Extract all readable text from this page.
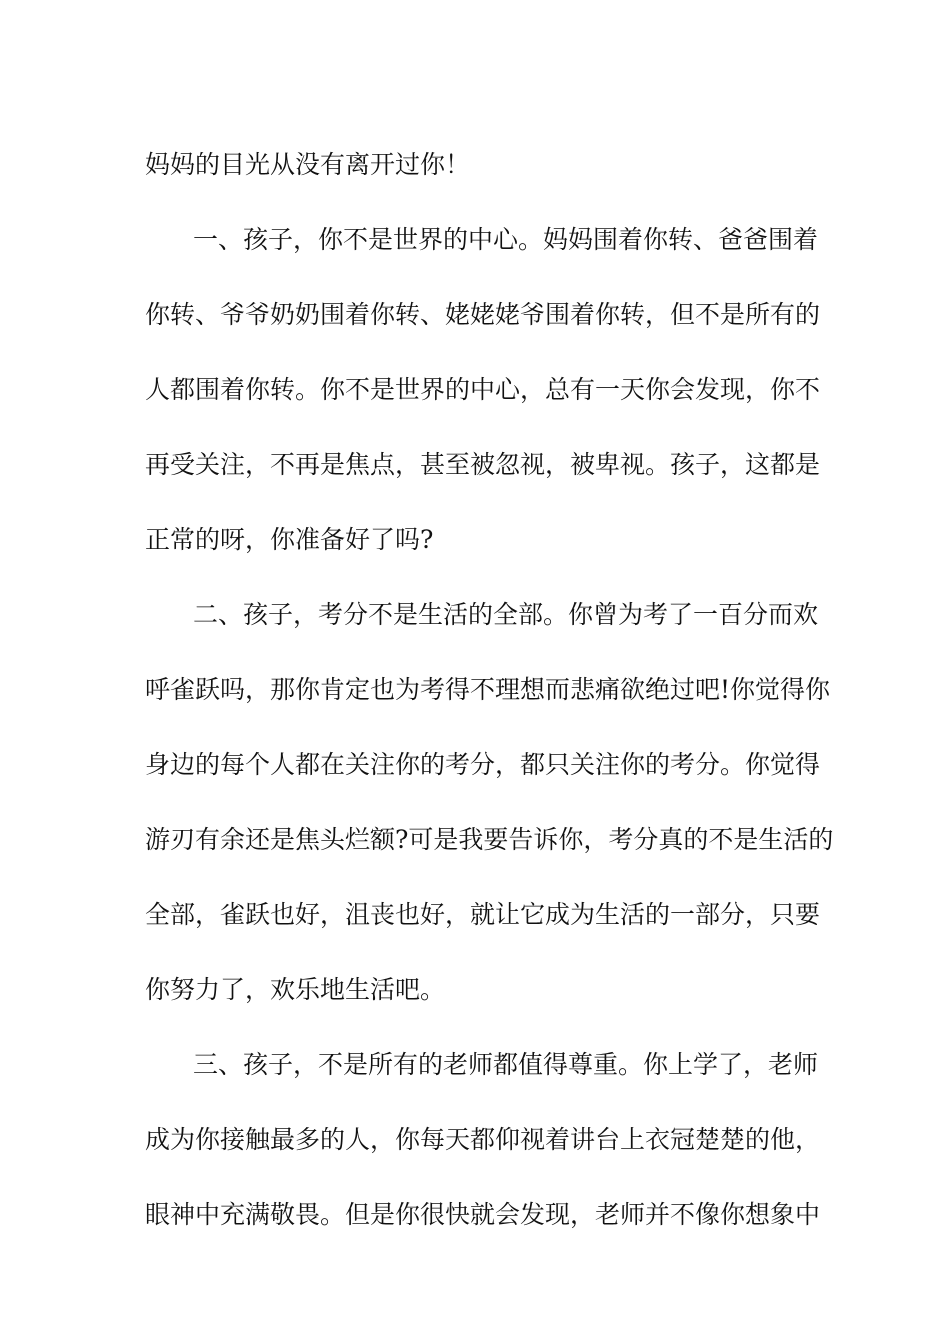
妈妈的目光从没有离开过你！
一、孩子，你不是世界的中心。妈妈围着你转、爸爸围着
你转、爷爷奶奶围着你转、姥姥姥爷围着你转，但不是所有的
人都围着你转。你不是世界的中心，总有一天你会发现，你不
再受关注，不再是焦点，甚至被忽视，被卑视。孩子，这都是
正常的呀，你准备好了吗?
二、孩子，考分不是生活的全部。你曾为考了一百分而欢
呼雀跃吗，那你肯定也为考得不理想而悲痛欲绝过吧!你觉得你
身边的每个人都在关注你的考分，都只关注你的考分。你觉得
游刃有余还是焦头烂额?可是我要告诉你，考分真的不是生活的
全部，雀跃也好，沮丧也好，就让它成为生活的一部分，只要
你努力了，欢乐地生活吧。
三、孩子，不是所有的老师都值得尊重。你上学了，老师
成为你接触最多的人，你每天都仰视着讲台上衣冠楚楚的他，
眼神中充满敬畏。但是你很快就会发现，老师并不像你想象中
